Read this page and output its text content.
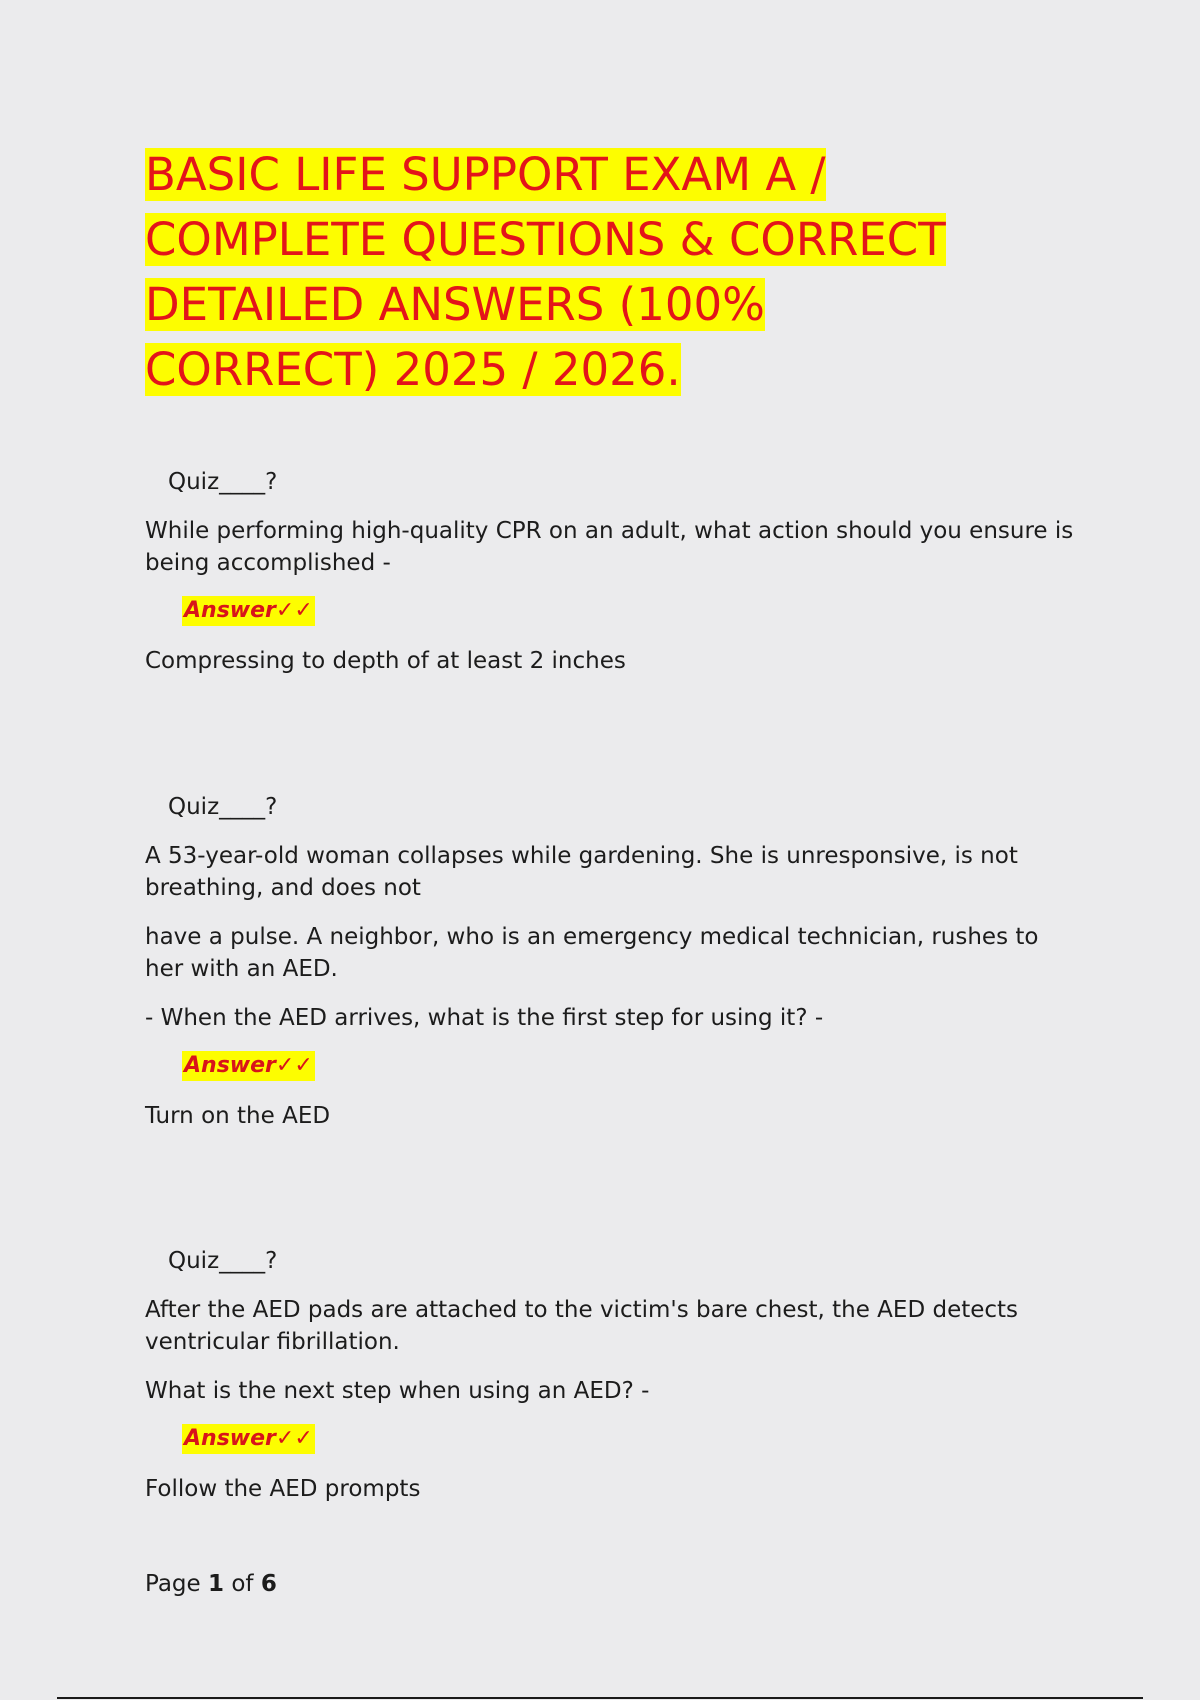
BASIC LIFE SUPPORT EXAM A /
COMPLETE QUESTIONS & CORRECT
DETAILED ANSWERS (100%
CORRECT) 2025 / 2026.

Quiz____?

While performing high-quality CPR on an adult, what action should you ensure is being accomplished -

Answer✓✓

Compressing to depth of at least 2 inches

Quiz____?

A 53-year-old woman collapses while gardening. She is unresponsive, is not breathing, and does not

have a pulse. A neighbor, who is an emergency medical technician, rushes to her with an AED.

- When the AED arrives, what is the first step for using it? -

Answer✓✓

Turn on the AED

Quiz____?

After the AED pads are attached to the victim's bare chest, the AED detects ventricular fibrillation.

What is the next step when using an AED? -

Answer✓✓

Follow the AED prompts

Page 1 of 6
